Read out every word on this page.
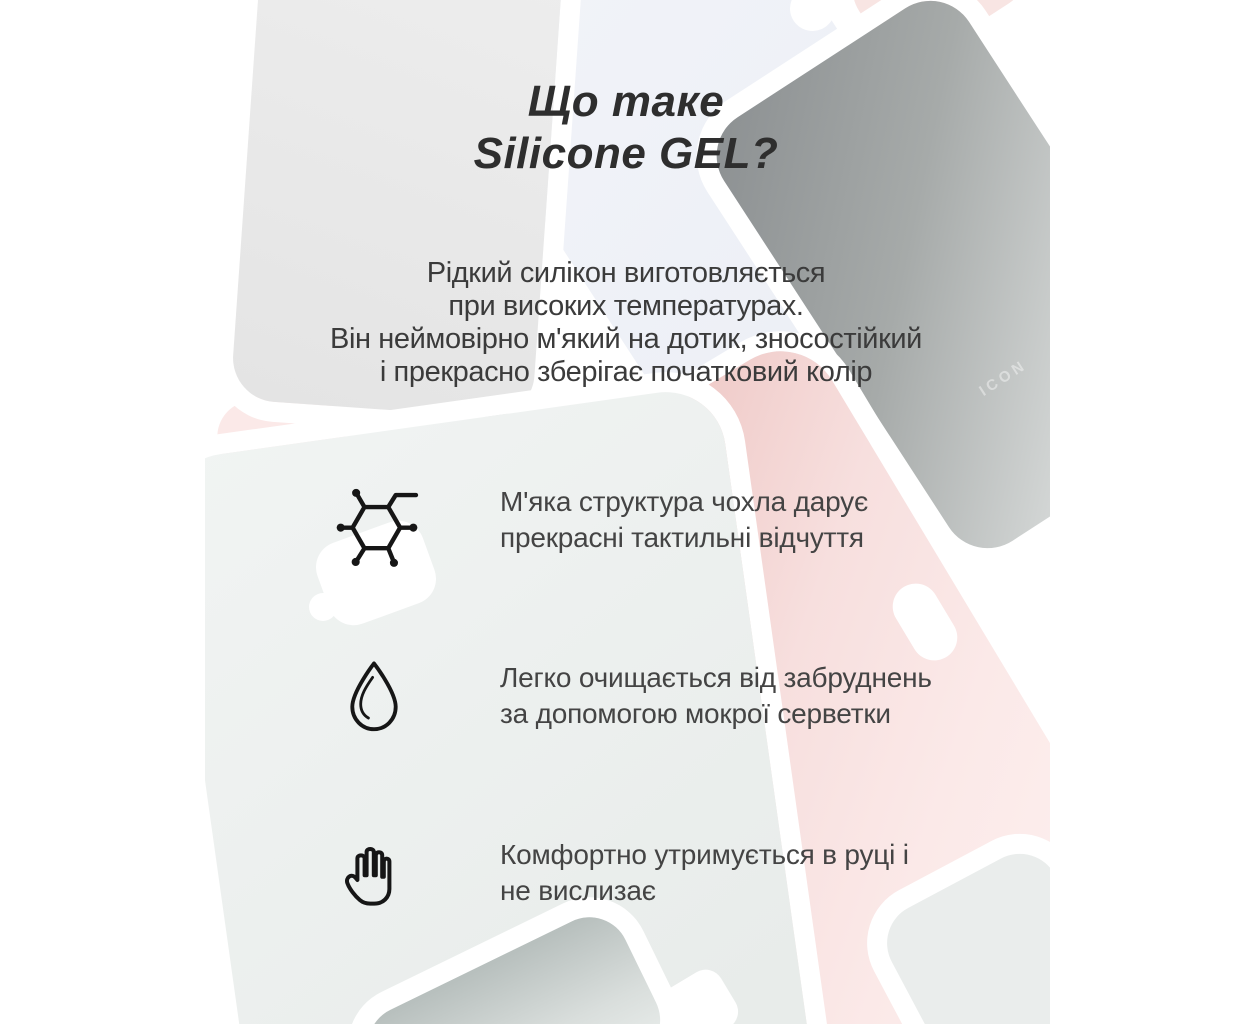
ICON
Що таке
Silicone GEL?
Рідкий силікон виготовляється
при високих температурах.
Він неймовірно м'який на дотик, зносостійкий
і прекрасно зберігає початковий колір
М'яка структура чохла дарує
прекрасні тактильні відчуття
Легко очищається від забруднень
за допомогою мокрої серветки
Комфортно утримується в руці і
не вислизає
